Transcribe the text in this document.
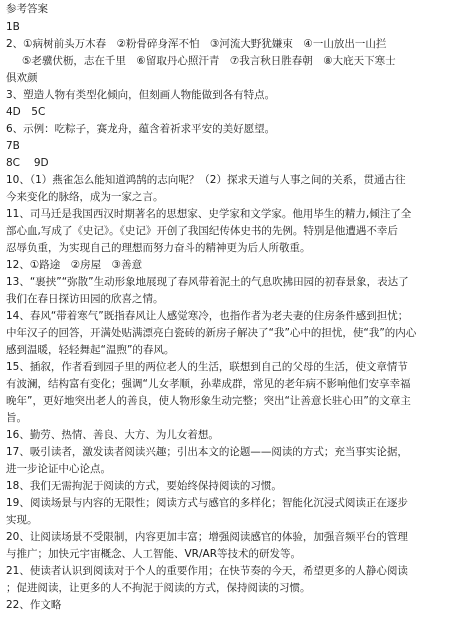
参考答案
1B
2、①病树前头万木春　②粉骨碎身浑不怕　③河流大野犹嫌束　④一山放出一山拦
⑤老骥伏枥，志在千里　⑥留取丹心照汗青　⑦我言秋日胜春朝　⑧大庇天下寒士
俱欢颜
3、塑造人物有类型化倾向，但刻画人物能做到各有特点。
4D　5C
6、示例：吃粽子，赛龙舟，蕴含着祈求平安的美好愿望。
7B
8C　 9D
10、（1）燕雀怎么能知道鸿鹄的志向呢？（2）探求天道与人事之间的关系，贯通古往
今来变化的脉络，成为一家之言。
11、司马迁是我国西汉时期著名的思想家、史学家和文学家。他用毕生的精力,倾注了全
部心血,写成了《史记》。《史记》开创了我国纪传体史书的先例。特别是他遭遇不幸后
忍辱负重，为实现自己的理想而努力奋斗的精神更为后人所敬重。
12、①路途　②房屋　③善意
13、“裹挟”“弥散”生动形象地展现了春风带着泥土的气息吹拂田园的初春景象，表达了
我们在春日探访田园的欣喜之情。
14、春风“带着寒气”既指春风让人感觉寒冷，也指作者为老夫妻的住房条件感到担忧；
中年汉子的回答，开满处贴满漂亮白瓷砖的新房子解决了“我”心中的担忧，使“我”的内心
感到温暖，轻轻舞起“温煦”的春风。
15、插叙，作者看到园子里的两位老人的生活，联想到自己的父母的生活，使文章情节
有波澜，结构富有变化；强调“儿女孝顺，孙辈成群，常见的老年病不影响他们安享幸福
晚年”，更好地突出老人的善良，使人物形象生动完整；突出“让善意长驻心田”的文章主
旨。
16、勤劳、热情、善良、大方、为儿女着想。
17、吸引读者，激发读者阅读兴趣；引出本文的论题——阅读的方式；充当事实论据，
进一步论证中心论点。
18、我们无需拘泥于阅读的方式，要始终保持阅读的习惯。
19、阅读场景与内容的无限性；阅读方式与感官的多样化；智能化沉浸式阅读正在逐步
实现。
20、让阅读场景不受限制，内容更加丰富；增强阅读感官的体验，加强音频平台的管理
与推广；加快元宇宙概念、人工智能、VR/AR等技术的研发等。
21、使读者认识到阅读对于个人的重要作用；在快节奏的今天，希望更多的人静心阅读
；促进阅读，让更多的人不拘泥于阅读的方式，保持阅读的习惯。
22、作文略
